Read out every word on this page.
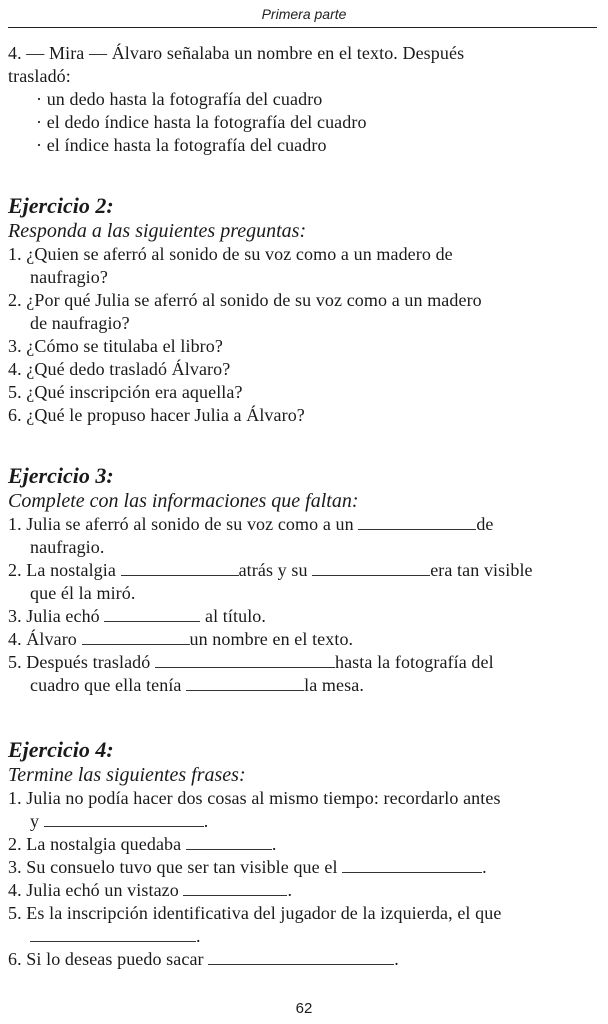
Primera parte
4. — Mira — Álvaro señalaba un nombre en el texto. Después
trasladó:
· un dedo hasta la fotografía del cuadro
· el dedo índice hasta la fotografía del cuadro
· el índice hasta la fotografía del cuadro
Ejercicio 2:
Responda a las siguientes preguntas:
1. ¿Quien se aferró al sonido de su voz como a un madero de
naufragio?
2. ¿Por qué Julia se aferró al sonido de su voz como a un madero
de naufragio?
3. ¿Cómo se titulaba el libro?
4. ¿Qué dedo trasladó Álvaro?
5. ¿Qué inscripción era aquella?
6. ¿Qué le propuso hacer Julia a Álvaro?
Ejercicio 3:
Complete con las informaciones que faltan:
1. Julia se aferró al sonido de su voz como a un	de
naufragio.
2. La nostalgia	atrás y su	era tan visible
que él la miró.
3. Julia echó	al título.
4. Álvaro	un nombre en el texto.
5. Después trasladó	hasta la fotografía del
cuadro que ella tenía	la mesa.
Ejercicio 4:
Termine las siguientes frases:
1. Julia no podía hacer dos cosas al mismo tiempo: recordarlo antes
y	.
2. La nostalgia quedaba	.
3. Su consuelo tuvo que ser tan visible que el	.
4. Julia echó un vistazo	.
5. Es la inscripción identificativa del jugador de la izquierda, el que
.
6. Si lo deseas puedo sacar	.
62
